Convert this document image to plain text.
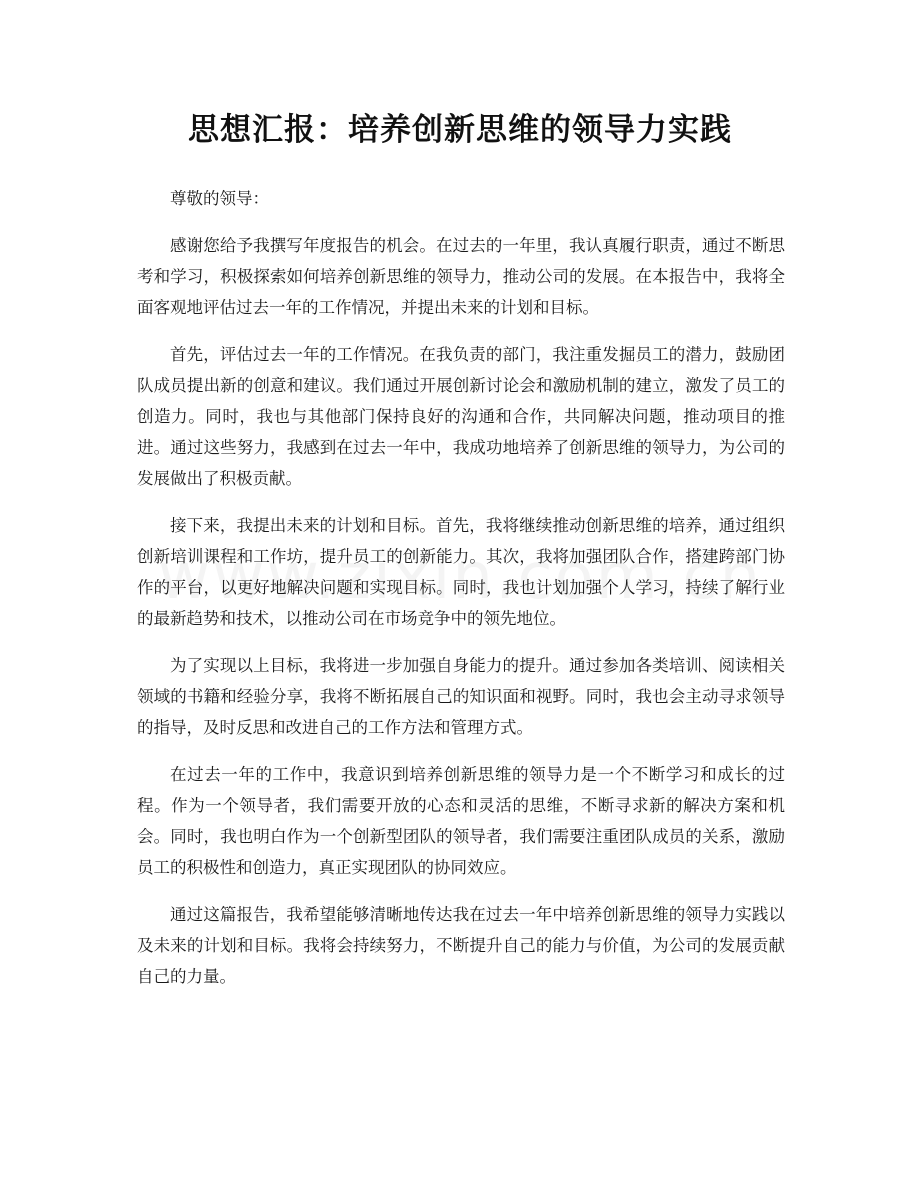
思想汇报：培养创新思维的领导力实践

尊敬的领导：

感谢您给予我撰写年度报告的机会。在过去的一年里，我认真履行职责，通过不断思考和学习，积极探索如何培养创新思维的领导力，推动公司的发展。在本报告中，我将全面客观地评估过去一年的工作情况，并提出未来的计划和目标。

首先，评估过去一年的工作情况。在我负责的部门，我注重发掘员工的潜力，鼓励团队成员提出新的创意和建议。我们通过开展创新讨论会和激励机制的建立，激发了员工的创造力。同时，我也与其他部门保持良好的沟通和合作，共同解决问题，推动项目的推进。通过这些努力，我感到在过去一年中，我成功地培养了创新思维的领导力，为公司的发展做出了积极贡献。

接下来，我提出未来的计划和目标。首先，我将继续推动创新思维的培养，通过组织创新培训课程和工作坊，提升员工的创新能力。其次，我将加强团队合作，搭建跨部门协作的平台，以更好地解决问题和实现目标。同时，我也计划加强个人学习，持续了解行业的最新趋势和技术，以推动公司在市场竞争中的领先地位。

为了实现以上目标，我将进一步加强自身能力的提升。通过参加各类培训、阅读相关领域的书籍和经验分享，我将不断拓展自己的知识面和视野。同时，我也会主动寻求领导的指导，及时反思和改进自己的工作方法和管理方式。

在过去一年的工作中，我意识到培养创新思维的领导力是一个不断学习和成长的过程。作为一个领导者，我们需要开放的心态和灵活的思维，不断寻求新的解决方案和机会。同时，我也明白作为一个创新型团队的领导者，我们需要注重团队成员的关系，激励员工的积极性和创造力，真正实现团队的协同效应。

通过这篇报告，我希望能够清晰地传达我在过去一年中培养创新思维的领导力实践以及未来的计划和目标。我将会持续努力，不断提升自己的能力与价值，为公司的发展贡献自己的力量。
